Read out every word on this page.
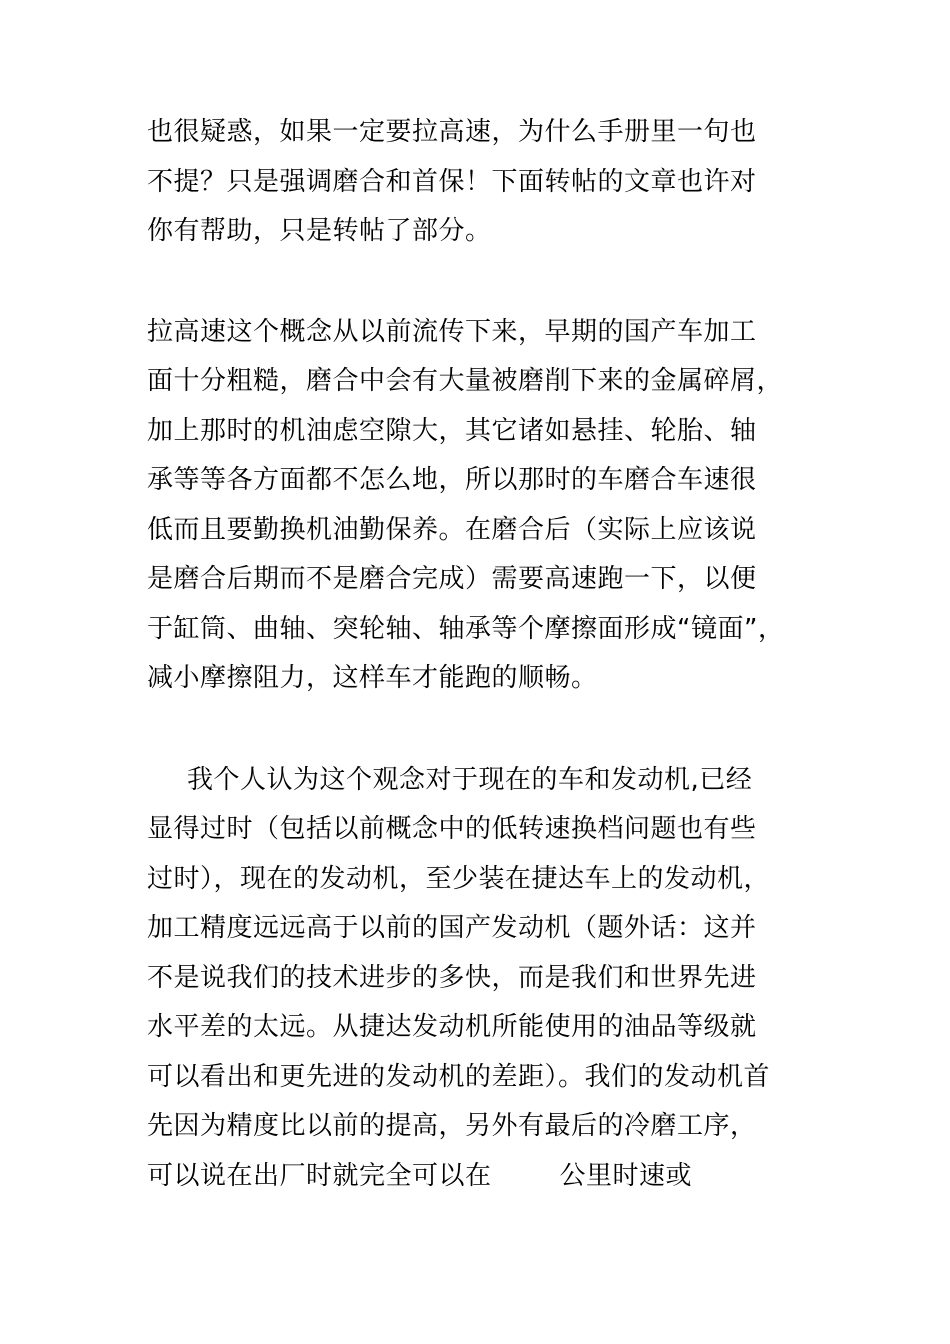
也很疑惑，如果一定要拉高速，为什么手册里一句也
不提？只是强调磨合和首保！下面转帖的文章也许对
你有帮助，只是转帖了部分。
拉高速这个概念从以前流传下来，早期的国产车加工
面十分粗糙，磨合中会有大量被磨削下来的金属碎屑，
加上那时的机油虑空隙大，其它诸如悬挂、轮胎、轴
承等等各方面都不怎么地，所以那时的车磨合车速很
低而且要勤换机油勤保养。在磨合后（实际上应该说
是磨合后期而不是磨合完成）需要高速跑一下，以便
于缸筒、曲轴、突轮轴、轴承等个摩擦面形成“镜面”，
减小摩擦阻力，这样车才能跑的顺畅。
我个人认为这个观念对于现在的车和发动机,已经
显得过时（包括以前概念中的低转速换档问题也有些
过时），现在的发动机，至少装在捷达车上的发动机，
加工精度远远高于以前的国产发动机（题外话：这并
不是说我们的技术进步的多快，而是我们和世界先进
水平差的太远。从捷达发动机所能使用的油品等级就
可以看出和更先进的发动机的差距）。我们的发动机首
先因为精度比以前的提高，另外有最后的冷磨工序，
可以说在出厂时就完全可以在	公里时速或
